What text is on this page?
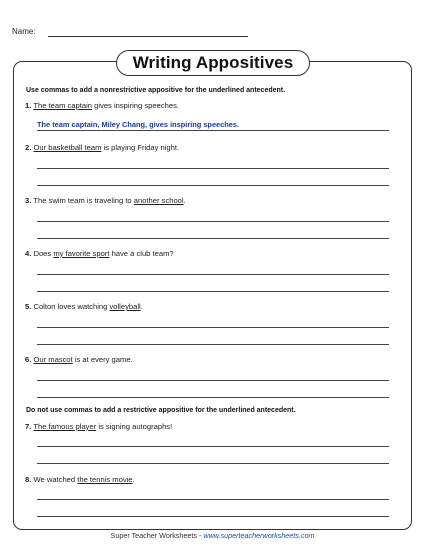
Name:
Writing Appositives
Use commas to add a nonrestrictive appositive for the underlined antecedent.
1. The team captain gives inspiring speeches.
The team captain, Miley Chang, gives inspiring speeches.
2. Our basketball team is playing Friday night.
3. The swim team is traveling to another school.
4. Does my favorite sport have a club team?
5. Colton loves watching volleyball.
6. Our mascot is at every game.
Do not use commas to add a restrictive appositive for the underlined antecedent.
7. The famous player is signing autographs!
8. We watched the tennis movie.
Super Teacher Worksheets - www.superteacherworksheets.com
